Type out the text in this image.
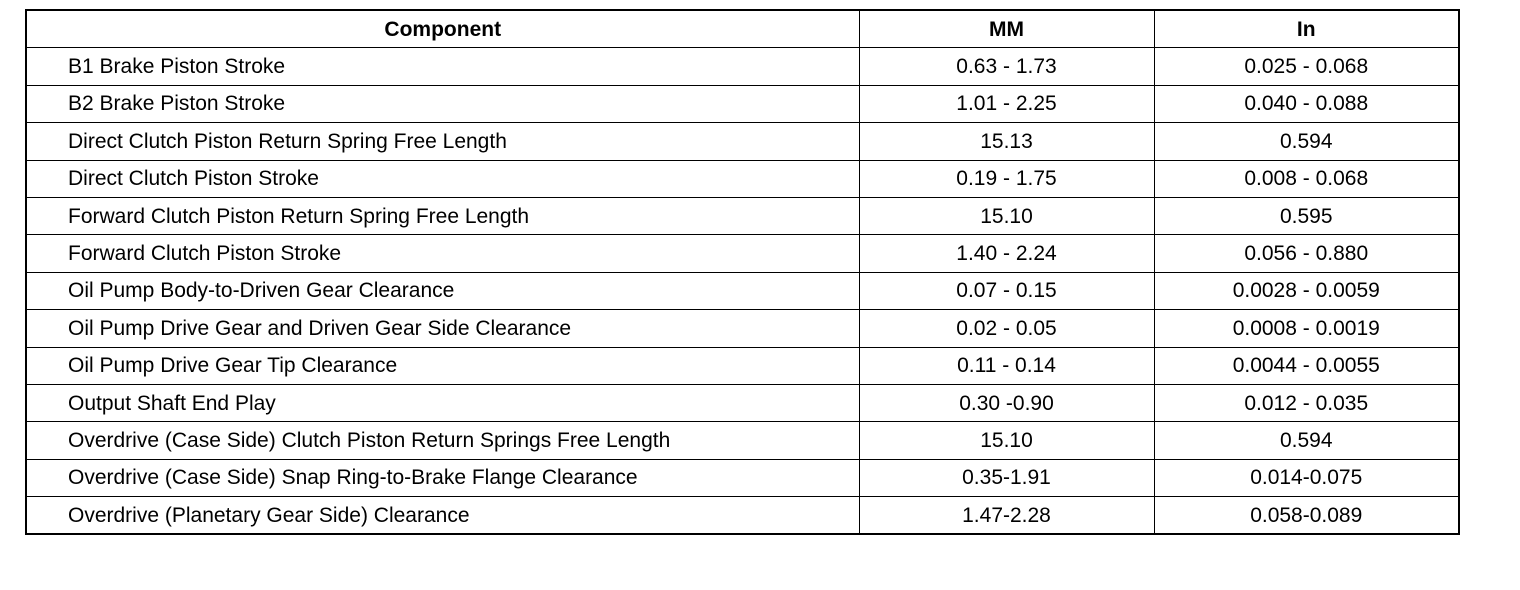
Component	MM	In
B1 Brake Piston Stroke	0.63 - 1.73	0.025 - 0.068
B2 Brake Piston Stroke	1.01 - 2.25	0.040 - 0.088
Direct Clutch Piston Return Spring Free Length	15.13	0.594
Direct Clutch Piston Stroke	0.19 - 1.75	0.008 - 0.068
Forward Clutch Piston Return Spring Free Length	15.10	0.595
Forward Clutch Piston Stroke	1.40 - 2.24	0.056 - 0.880
Oil Pump Body-to-Driven Gear Clearance	0.07 - 0.15	0.0028 - 0.0059
Oil Pump Drive Gear and Driven Gear Side Clearance	0.02 - 0.05	0.0008 - 0.0019
Oil Pump Drive Gear Tip Clearance	0.11 - 0.14	0.0044 - 0.0055
Output Shaft End Play	0.30 -0.90	0.012 - 0.035
Overdrive (Case Side) Clutch Piston Return Springs Free Length	15.10	0.594
Overdrive (Case Side) Snap Ring-to-Brake Flange Clearance	0.35-1.91	0.014-0.075
Overdrive (Planetary Gear Side) Clearance	1.47-2.28	0.058-0.089
